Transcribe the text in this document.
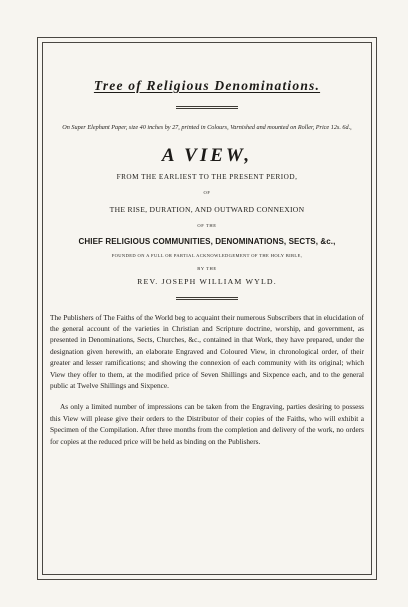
Tree of Religious Denominations.

On Super Elephant Paper, size 40 inches by 27, printed in Colours, Varnished and mounted on Roller, Price 12s. 6d.,

A VIEW,

FROM THE EARLIEST TO THE PRESENT PERIOD,

OF

THE RISE, DURATION, AND OUTWARD CONNEXION

OF THE

CHIEF RELIGIOUS COMMUNITIES, DENOMINATIONS, SECTS, &c.,

FOUNDED ON A FULL OR PARTIAL ACKNOWLEDGEMENT OF THE HOLY BIBLE,

BY THE

REV. JOSEPH WILLIAM WYLD.

The Publishers of The Faiths of the World beg to acquaint their numerous Subscribers that in elucidation of the general account of the varieties in Christian and Scripture doctrine, worship, and government, as presented in Denominations, Sects, Churches, &c., contained in that Work, they have prepared, under the designation given herewith, an elaborate Engraved and Coloured View, in chronological order, of their greater and lesser ramifications; and showing the connexion of each community with its original; which View they offer to them, at the modified price of Seven Shillings and Sixpence each, and to the general public at Twelve Shillings and Sixpence.

As only a limited number of impressions can be taken from the Engraving, parties desiring to possess this View will please give their orders to the Distributor of their copies of the Faiths, who will exhibit a Specimen of the Compilation. After three months from the completion and delivery of the work, no orders for copies at the reduced price will be held as binding on the Publishers.
